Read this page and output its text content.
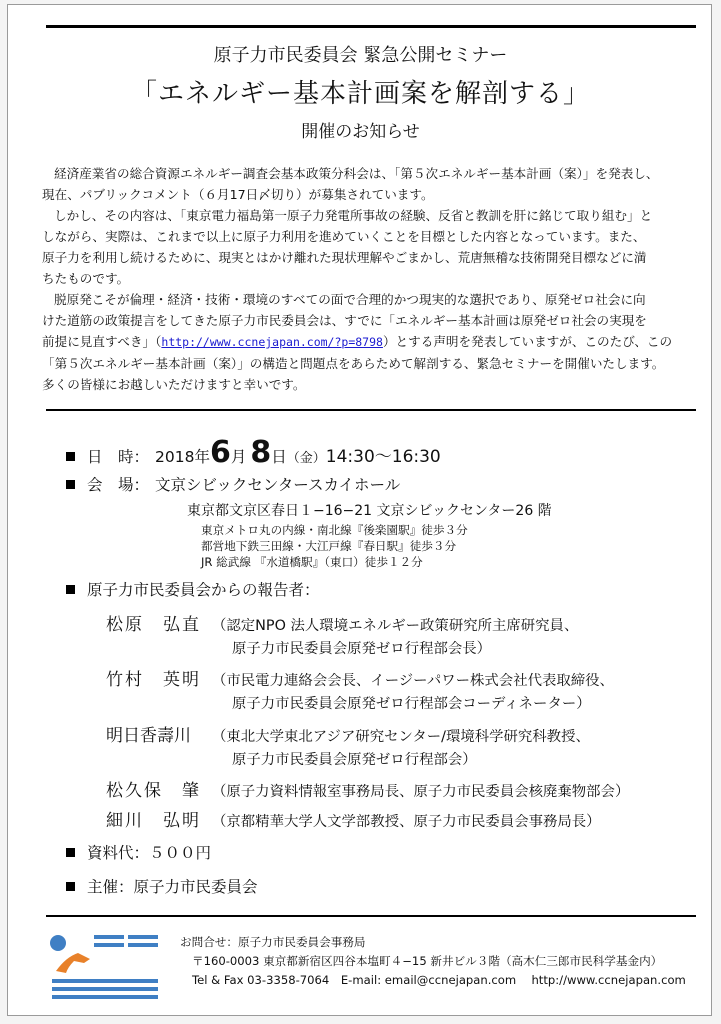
原子力市民委員会 緊急公開セミナー
「エネルギー基本計画案を解剖する」
開催のお知らせ
経済産業省の総合資源エネルギー調査会基本政策分科会は、「第５次エネルギー基本計画（案）」を発表し、
現在、パブリックコメント（６月17日〆切り）が募集されています。
しかし、その内容は、「東京電力福島第一原子力発電所事故の経験、反省と教訓を肝に銘じて取り組む」と
しながら、実際は、これまで以上に原子力利用を進めていくことを目標とした内容となっています。また、
原子力を利用し続けるために、現実とはかけ離れた現状理解やごまかし、荒唐無稽な技術開発目標などに満
ちたものです。
脱原発こそが倫理・経済・技術・環境のすべての面で合理的かつ現実的な選択であり、原発ゼロ社会に向
けた道筋の政策提言をしてきた原子力市民委員会は、すでに「エネルギー基本計画は原発ゼロ社会の実現を
前提に見直すべき」（http://www.ccnejapan.com/?p=8798）とする声明を発表していますが、このたび、この
「第５次エネルギー基本計画（案）」の構造と問題点をあらためて解剖する、緊急セミナーを開催いたします。
多くの皆様にお越しいただけますと幸いです。
日　時： 2018年6月 8日（金）14:30〜16:30
会　場： 文京シビックセンタースカイホール
東京都文京区春日１−16−21 文京シビックセンター26 階
東京メトロ丸の内線・南北線『後楽園駅』徒歩３分
都営地下鉄三田線・大江戸線『春日駅』徒歩３分
JR 総武線 『水道橋駅』（東口）徒歩１２分
原子力市民委員会からの報告者：
松原　弘直 （認定NPO 法人環境エネルギー政策研究所主席研究員、
原子力市民委員会原発ゼロ行程部会長）
竹村　英明 （市民電力連絡会会長、イージーパワー株式会社代表取締役、
原子力市民委員会原発ゼロ行程部会コーディネーター）
明日香壽川 （東北大学東北アジア研究センター/環境科学研究科教授、
原子力市民委員会原発ゼロ行程部会）
松久保　肇 （原子力資料情報室事務局長、原子力市民委員会核廃棄物部会）
細川　弘明 （京都精華大学人文学部教授、原子力市民委員会事務局長）
資料代：５００円
主催：原子力市民委員会
お問合せ：原子力市民委員会事務局
〒160-0003 東京都新宿区四谷本塩町４−15 新井ビル３階（高木仁三郎市民科学基金内）
Tel & Fax 03-3358-7064　E-mail: email@ccnejapan.com　 http://www.ccnejapan.com
